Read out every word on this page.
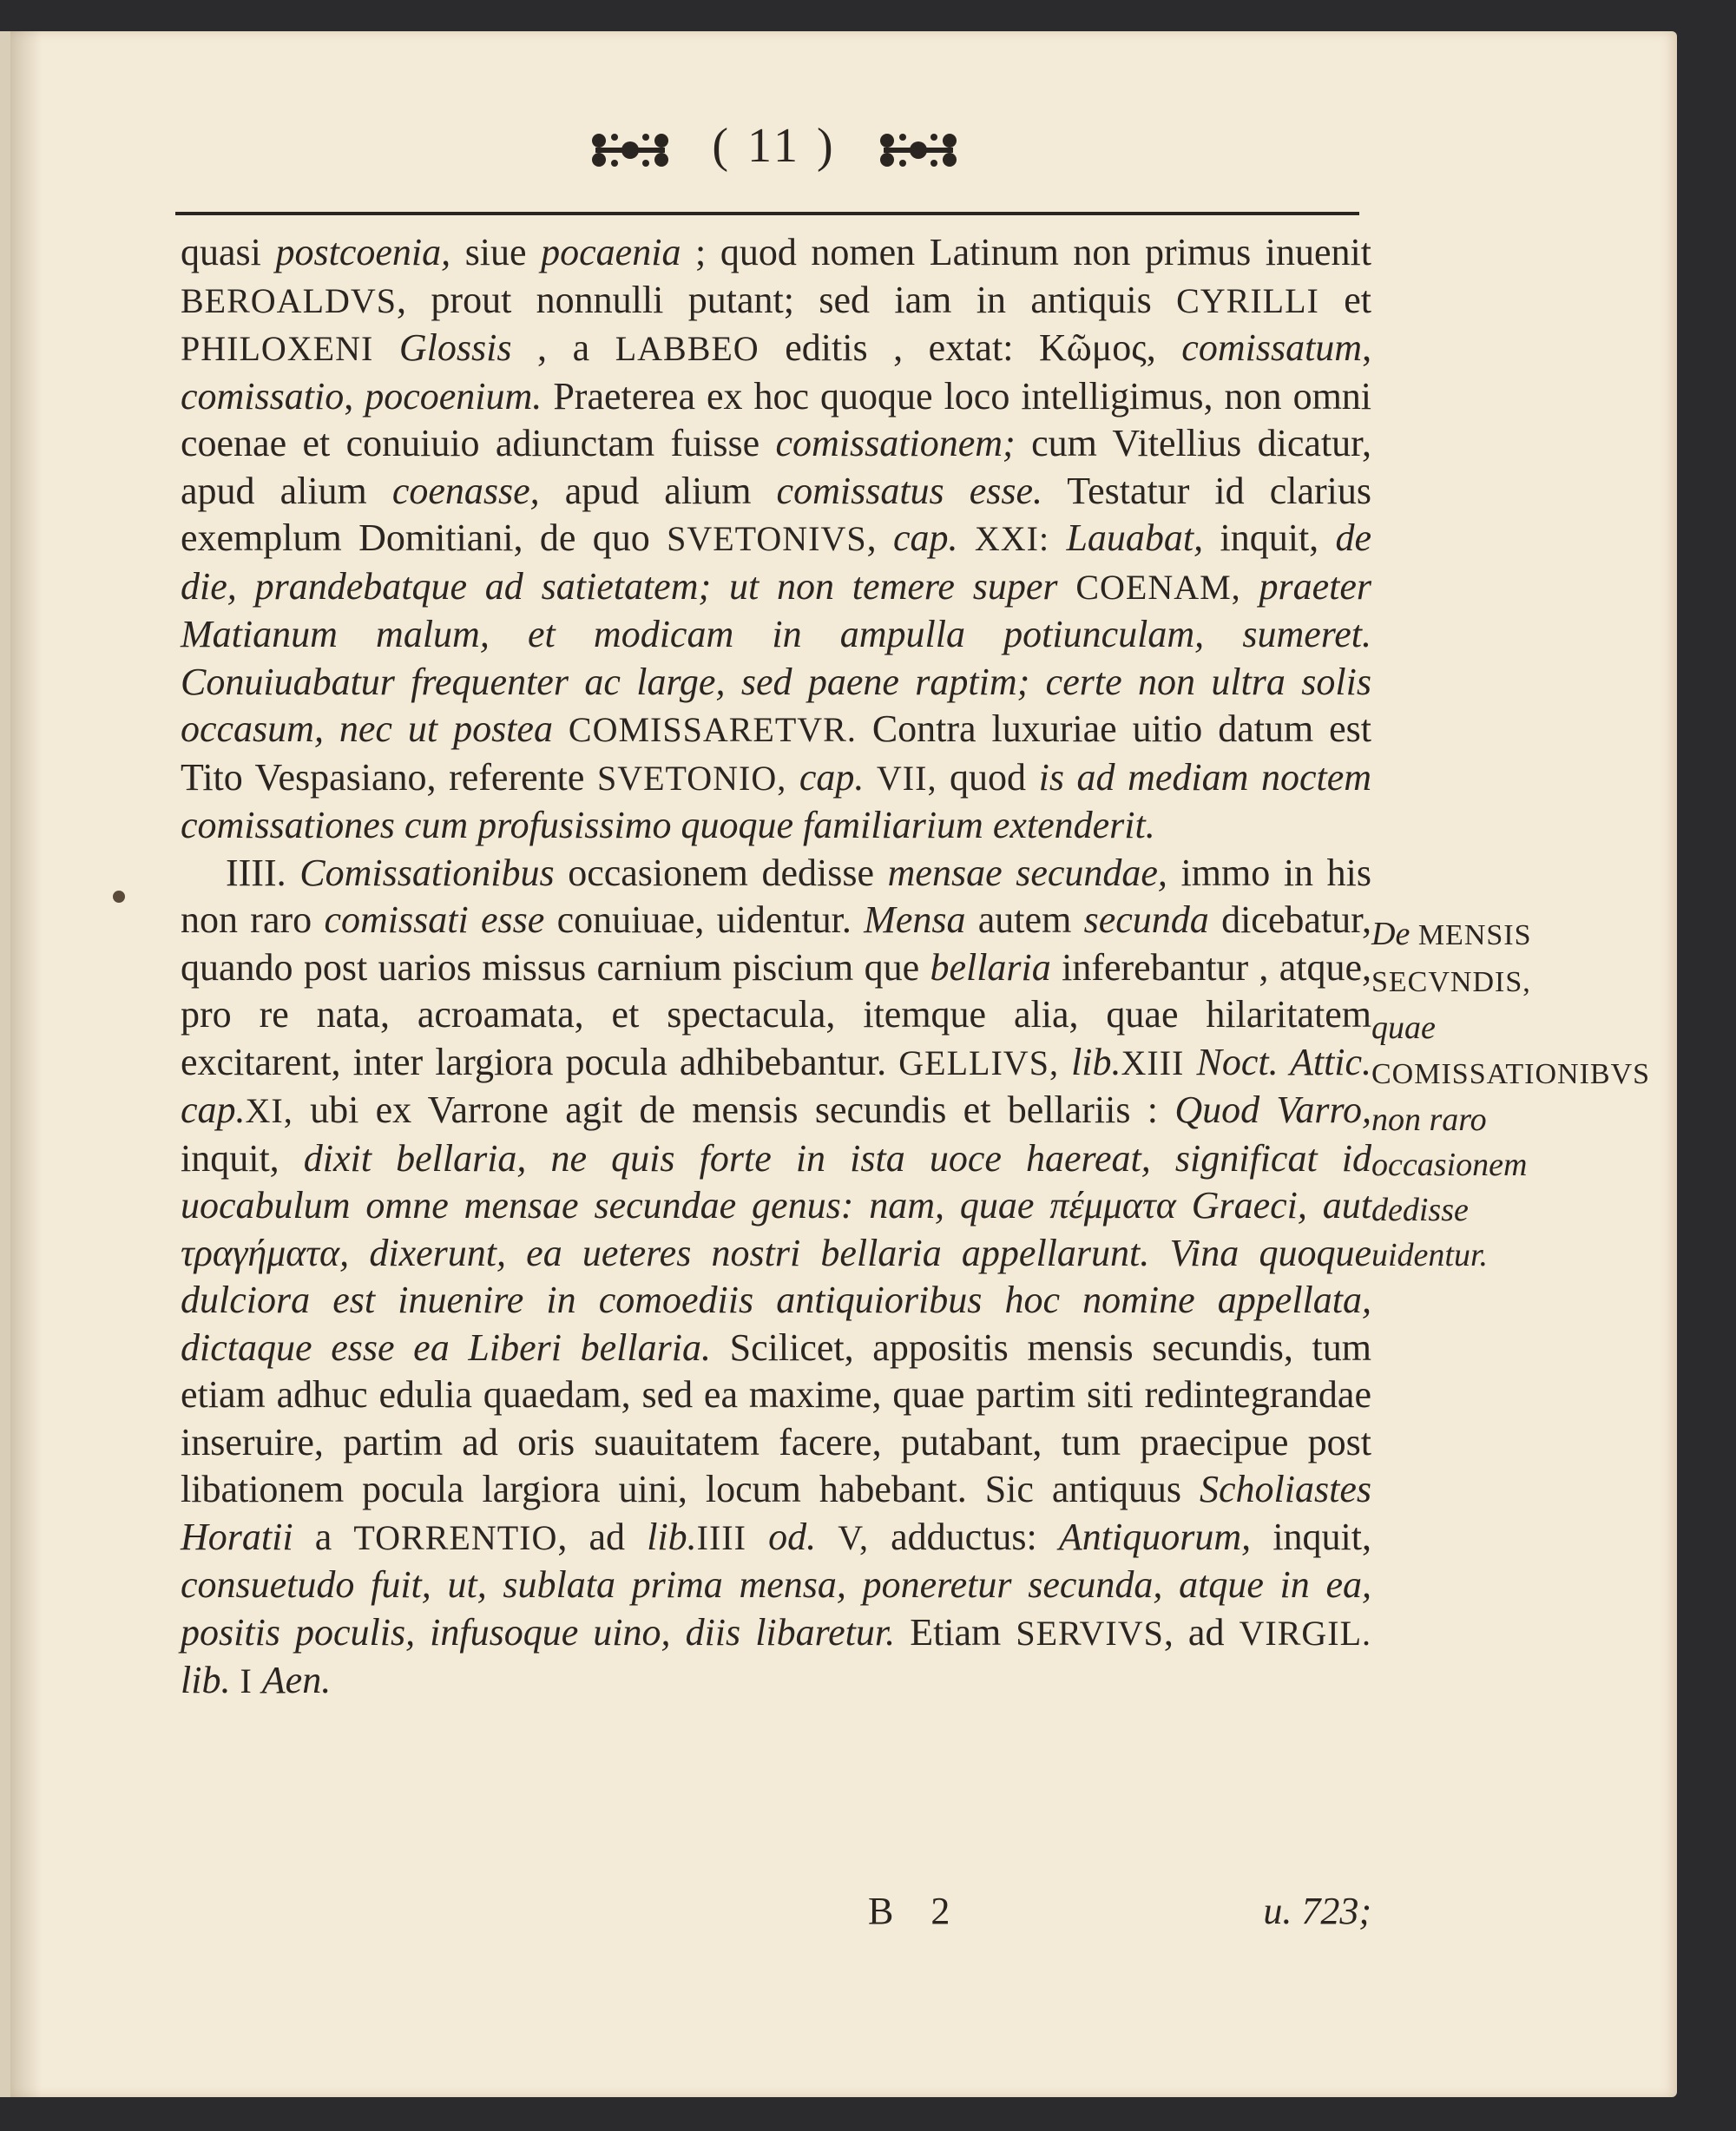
( 11 )

quasi postcoenia, siue pocaenia ; quod nomen Latinum non primus inuenit BEROALDVS, prout nonnulli putant; sed iam in antiquis CYRILLI et PHILOXENI Glossis , a LABBEO editis , extat: Κῶμος, comissatum, comissatio, pocoenium. Praeterea ex hoc quoque loco intelligimus, non omni coenae et conuiuio adiunctam fuisse comissationem; cum Vitellius dicatur, apud alium coenasse, apud alium comissatus esse. Testatur id clarius exemplum Domitiani, de quo SVETONIVS, cap. XXI: Lauabat, inquit, de die, prandebatque ad satietatem; ut non temere super COENAM, praeter Matianum malum, et modicam in ampulla potiunculam, sumeret. Conuiuabatur frequenter ac large, sed paene raptim; certe non ultra solis occasum, nec ut postea COMISSARETVR. Contra luxuriae uitio datum est Tito Vespasiano, referente SVETONIO, cap. VII, quod is ad mediam noctem comissationes cum profusissimo quoque familiarium extenderit.

IIII. Comissationibus occasionem dedisse mensae secundae, immo in his non raro comissati esse conuiuae, uidentur. Mensa autem secunda dicebatur, quando post uarios missus carnium piscium que bellaria inferebantur , atque, pro re nata, acroamata, et spectacula, itemque alia, quae hilaritatem excitarent, inter largiora pocula adhibebantur. GELLIVS, lib.XIII Noct. Attic. cap.XI, ubi ex Varrone agit de mensis secundis et bellariis : Quod Varro, inquit, dixit bellaria, ne quis forte in ista uoce haereat, significat id uocabulum omne mensae secundae genus: nam, quae πέμματα Graeci, aut τραγήματα, dixerunt, ea ueteres nostri bellaria appellarunt. Vina quoque dulciora est inuenire in comoediis antiquioribus hoc nomine appellata, dictaque esse ea Liberi bellaria. Scilicet, appositis mensis secundis, tum etiam adhuc edulia quaedam, sed ea maxime, quae partim siti redintegrandae inseruire, partim ad oris suauitatem facere, putabant, tum praecipue post libationem pocula largiora uini, locum habebant. Sic antiquus Scholiastes Horatii a TORRENTIO, ad lib.IIII od. V, adductus: Antiquorum, inquit, consuetudo fuit, ut, sublata prima mensa, poneretur secunda, atque in ea, positis poculis, infusoque uino, diis libaretur. Etiam SERVIVS, ad VIRGIL. lib. I Aen.

De MENSIS SECVNDIS, quae COMISSATIONIBVS non raro occasionem dedisse uidentur.
B 2	u. 723;
